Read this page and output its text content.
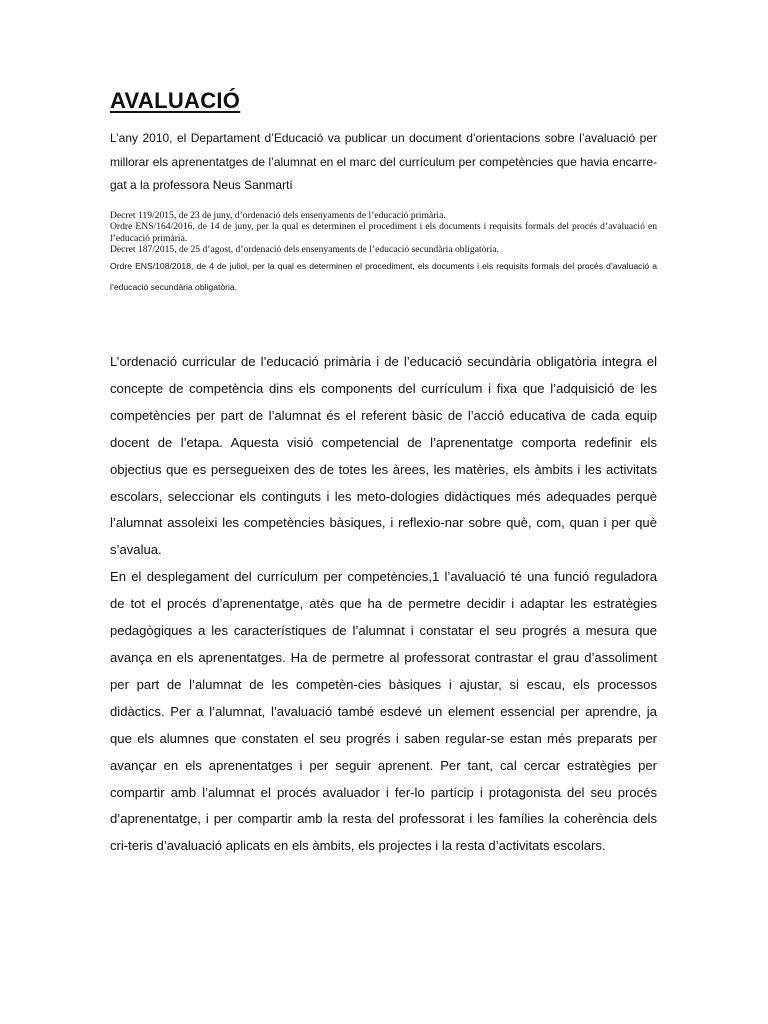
AVALUACIÓ

L’any 2010, el Departament d’Educació va publicar un document d’orientacions sobre l’avaluació per millorar els aprenentatges de l’alumnat en el marc del currículum per competències que havia encarre-gat a la professora Neus Sanmartí

Decret 119/2015, de 23 de juny, d’ordenació dels ensenyaments de l’educació primària.
Ordre ENS/164/2016, de 14 de juny, per la qual es determinen el procediment i els documents i requisits formals del procés d’avaluació en l’educació primària.
Decret 187/2015, de 25 d’agost, d’ordenació dels ensenyaments de l’educació secundària obligatòria.
Ordre ENS/108/2018, de 4 de juliol, per la qual es determinen el procediment, els documents i els requisits formals del procés d’avaluació a l’educació secundària obligatòria.

L’ordenació curricular de l’educació primària i de l’educació secundària obligatòria integra el concepte de competència dins els components del currículum i fixa que l’adquisició de les competències per part de l’alumnat és el referent bàsic de l’acció educativa de cada equip docent de l’etapa. Aquesta visió competencial de l’aprenentatge comporta redefinir els objectius que es persegueixen des de totes les àrees, les matèries, els àmbits i les activitats escolars, seleccionar els continguts i les meto-dologies didàctiques més adequades perquè l’alumnat assoleixi les competències bàsiques, i reflexio-nar sobre què, com, quan i per què s’avalua.

En el desplegament del currículum per competències,1 l’avaluació té una funció reguladora de tot el procés d’aprenentatge, atès que ha de permetre decidir i adaptar les estratègies pedagògiques a les característiques de l’alumnat i constatar el seu progrés a mesura que avança en els aprenentatges. Ha de permetre al professorat contrastar el grau d’assoliment per part de l’alumnat de les competèn-cies bàsiques i ajustar, si escau, els processos didàctics. Per a l’alumnat, l’avaluació també esdevé un element essencial per aprendre, ja que els alumnes que constaten el seu progrés i saben regular-se estan més preparats per avançar en els aprenentatges i per seguir aprenent. Per tant, cal cercar estratègies per compartir amb l’alumnat el procés avaluador i fer-lo partícip i protagonista del seu procés d’aprenentatge, i per compartir amb la resta del professorat i les famílies la coherència dels cri-teris d’avaluació aplicats en els àmbits, els projectes i la resta d’activitats escolars.
